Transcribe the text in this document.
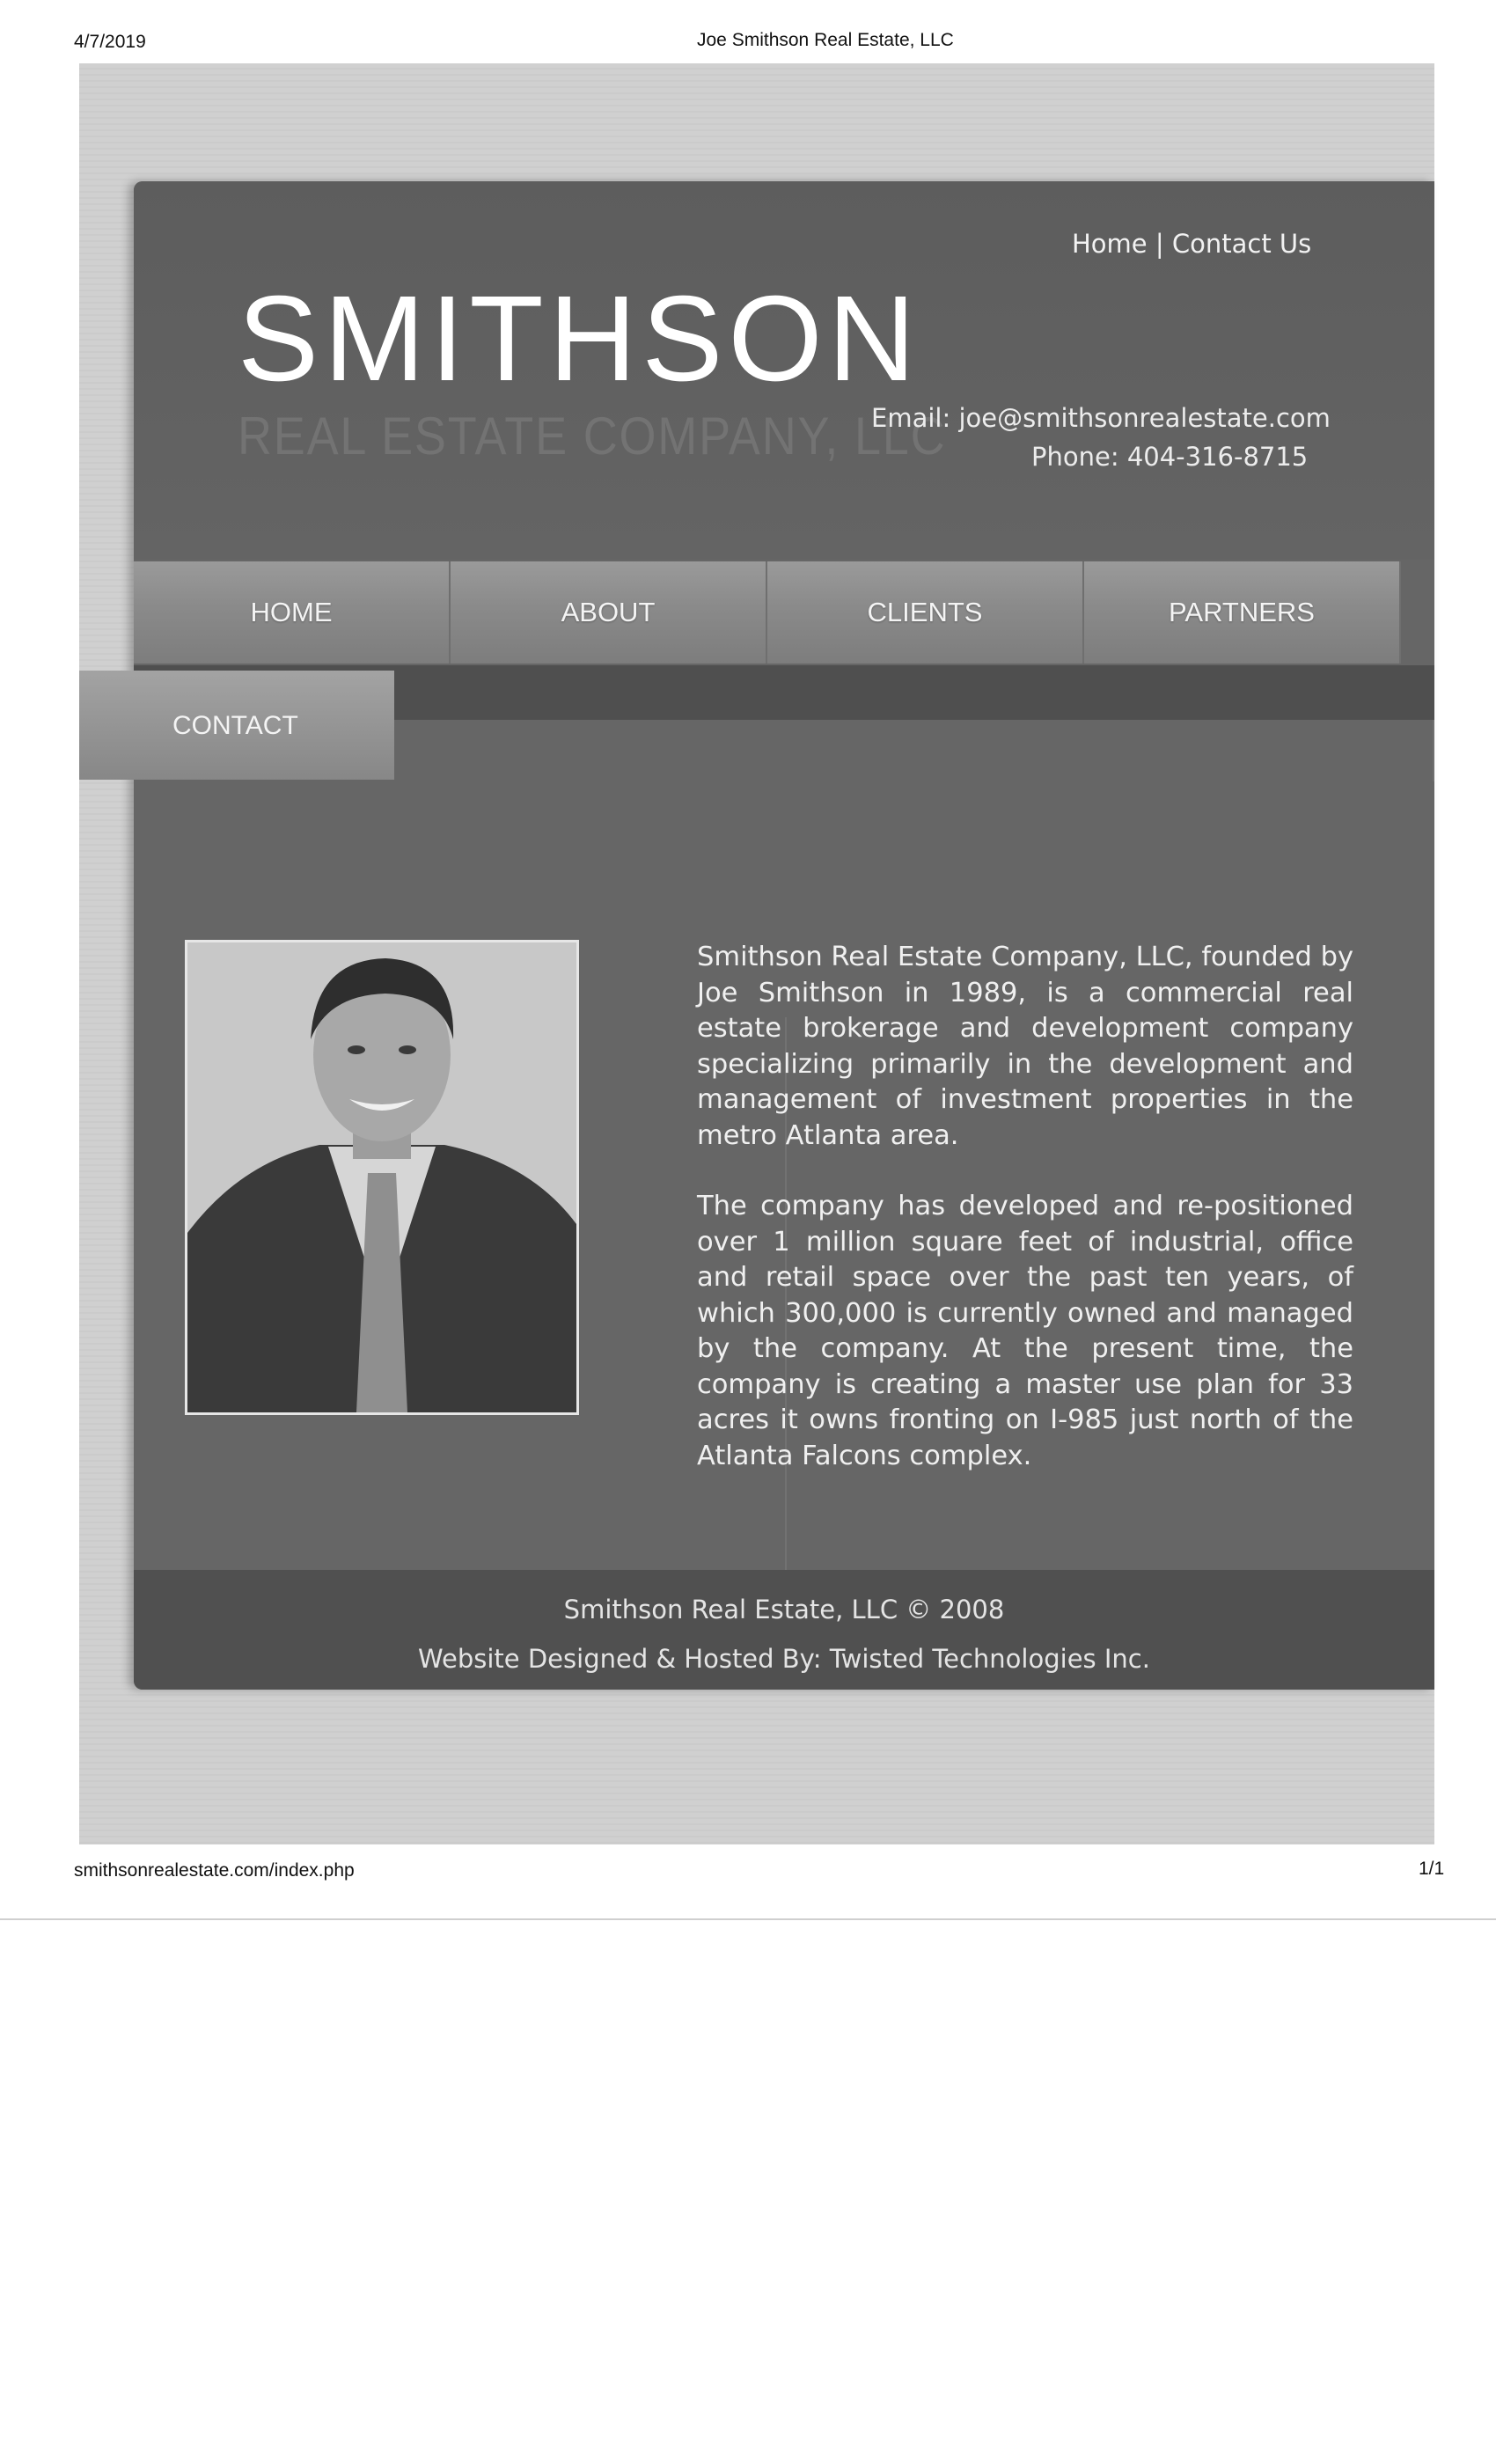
4/7/2019	Joe Smithson Real Estate, LLC
Home | Contact Us
REAL ESTATE COMPANY, LLC
SMITHSON
Email: joe@smithsonrealestate.com
Phone: 404-316-8715
HOME	ABOUT	CLIENTS	PARTNERS
Smithson Real Estate, LLC © 2008
Website Designed & Hosted By: Twisted Technologies Inc.
CONTACT

Smithson Real Estate Company, LLC, founded by Joe Smithson in 1989, is a commercial real estate brokerage and development company specializing primarily in the development and management of investment properties in the metro Atlanta area.

The company has developed and re-positioned over 1 million square feet of industrial, office and retail space over the past ten years, of which 300,000 is currently owned and managed by the company. At the present time, the company is creating a master use plan for 33 acres it owns fronting on I-985 just north of the Atlanta Falcons complex.

smithsonrealestate.com/index.php	1/1
